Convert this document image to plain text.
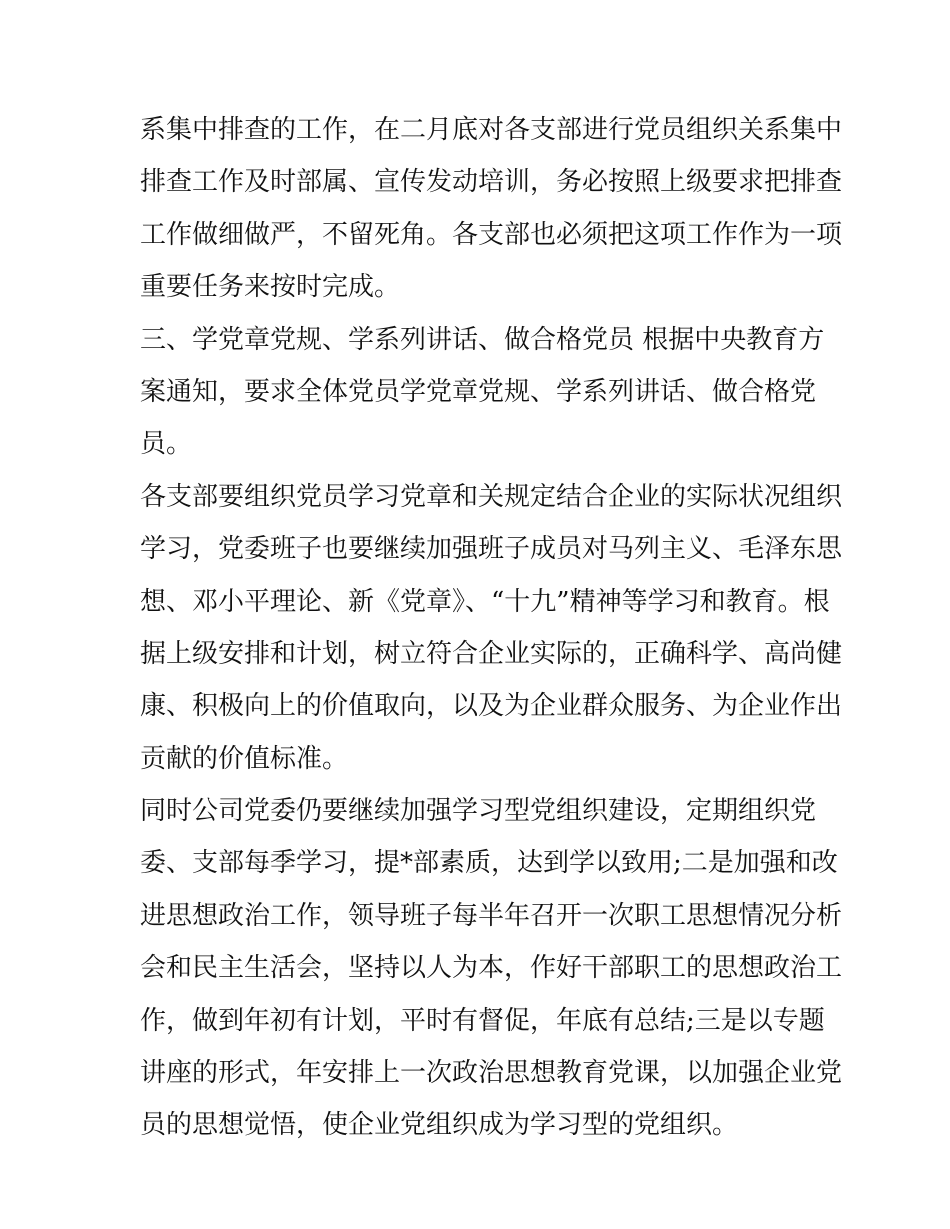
系集中排查的工作，在二月底对各支部进行党员组织关系集中
排查工作及时部属、宣传发动培训，务必按照上级要求把排查
工作做细做严，不留死角。各支部也必须把这项工作作为一项
重要任务来按时完成。
三、学党章党规、学系列讲话、做合格党员 根据中央教育方
案通知，要求全体党员学党章党规、学系列讲话、做合格党
员。
各支部要组织党员学习党章和关规定结合企业的实际状况组织
学习，党委班子也要继续加强班子成员对马列主义、毛泽东思
想、邓小平理论、新《党章》、“十九”精神等学习和教育。根
据上级安排和计划，树立符合企业实际的，正确科学、高尚健
康、积极向上的价值取向，以及为企业群众服务、为企业作出
贡献的价值标准。
同时公司党委仍要继续加强学习型党组织建设，定期组织党
委、支部每季学习，提*部素质，达到学以致用;二是加强和改
进思想政治工作，领导班子每半年召开一次职工思想情况分析
会和民主生活会，坚持以人为本，作好干部职工的思想政治工
作，做到年初有计划，平时有督促，年底有总结;三是以专题
讲座的形式，年安排上一次政治思想教育党课，以加强企业党
员的思想觉悟，使企业党组织成为学习型的党组织。
